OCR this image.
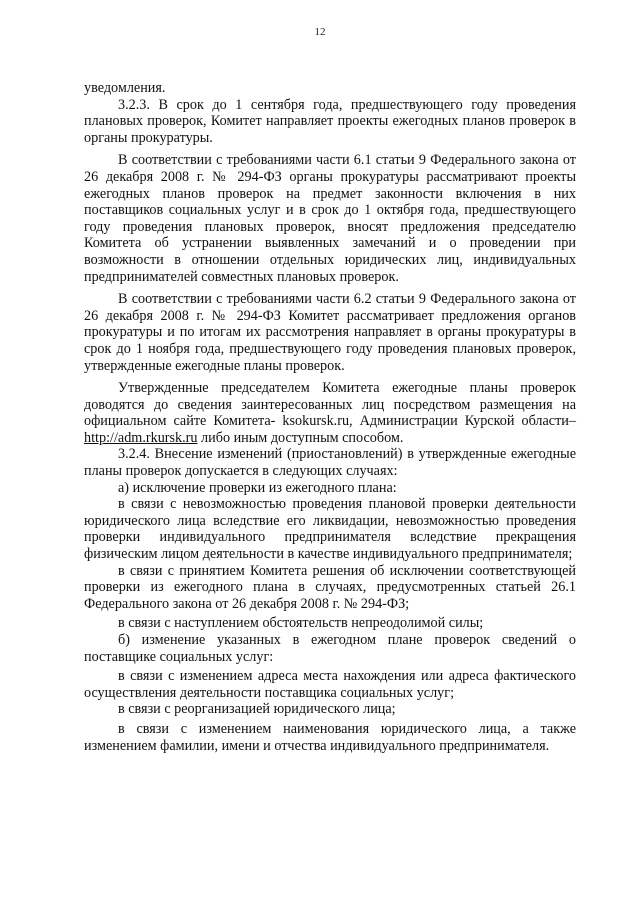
12

уведомления.

3.2.3. В срок до 1 сентября года, предшествующего году проведения плановых проверок, Комитет направляет проекты ежегодных планов проверок в органы прокуратуры.

В соответствии с требованиями части 6.1 статьи 9 Федерального закона от 26 декабря 2008 г. № 294-ФЗ органы прокуратуры рассматривают проекты ежегодных планов проверок на предмет законности включения в них поставщиков социальных услуг и в срок до 1 октября года, предшествующего году проведения плановых проверок, вносят предложения председателю Комитета об устранении выявленных замечаний и о проведении при возможности в отношении отдельных юридических лиц, индивидуальных предпринимателей совместных плановых проверок.

В соответствии с требованиями части 6.2 статьи 9 Федерального закона от 26 декабря 2008 г. № 294-ФЗ Комитет рассматривает предложения органов прокуратуры и по итогам их рассмотрения направляет в органы прокуратуры в срок до 1 ноября года, предшествующего году проведения плановых проверок, утвержденные ежегодные планы проверок.

Утвержденные председателем Комитета ежегодные планы проверок доводятся до сведения заинтересованных лиц посредством размещения на официальном сайте Комитета- ksokursk.ru, Администрации Курской области– http://adm.rkursk.ru либо иным доступным способом.

3.2.4. Внесение изменений (приостановлений) в утвержденные ежегодные планы проверок допускается в следующих случаях:

а) исключение проверки из ежегодного плана:

в связи с невозможностью проведения плановой проверки деятельности юридического лица вследствие его ликвидации, невозможностью проведения проверки индивидуального предпринимателя вследствие прекращения физическим лицом деятельности в качестве индивидуального предпринимателя;

в связи с принятием Комитета решения об исключении соответствующей проверки из ежегодного плана в случаях, предусмотренных статьей 26.1 Федерального закона от 26 декабря 2008 г. № 294-ФЗ;

в связи с наступлением обстоятельств непреодолимой силы;

б) изменение указанных в ежегодном плане проверок сведений о поставщике социальных услуг:

в связи с изменением адреса места нахождения или адреса фактического осуществления деятельности поставщика социальных услуг;

в связи с реорганизацией юридического лица;

в связи с изменением наименования юридического лица, а также изменением фамилии, имени и отчества индивидуального предпринимателя.
